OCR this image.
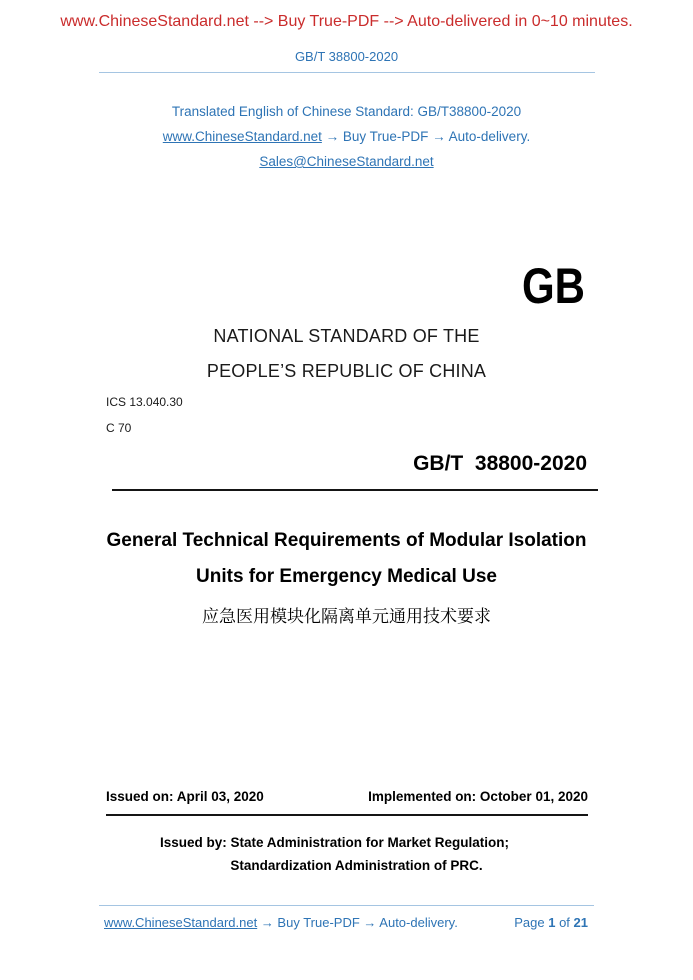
www.ChineseStandard.net --> Buy True-PDF --> Auto-delivered in 0~10 minutes.
GB/T 38800-2020
Translated English of Chinese Standard: GB/T38800-2020
www.ChineseStandard.net → Buy True-PDF → Auto-delivery.
Sales@ChineseStandard.net
GB
NATIONAL STANDARD OF THE
PEOPLE’S REPUBLIC OF CHINA
ICS 13.040.30
C 70
GB/T  38800-2020
General Technical Requirements of Modular Isolation
Units for Emergency Medical Use
应急医用模块化隔离单元通用技术要求
Issued on: April 03, 2020	Implemented on: October 01, 2020
Issued by: State Administration for Market Regulation;
Standardization Administration of PRC.
www.ChineseStandard.net → Buy True-PDF → Auto-delivery.	Page 1 of 21
